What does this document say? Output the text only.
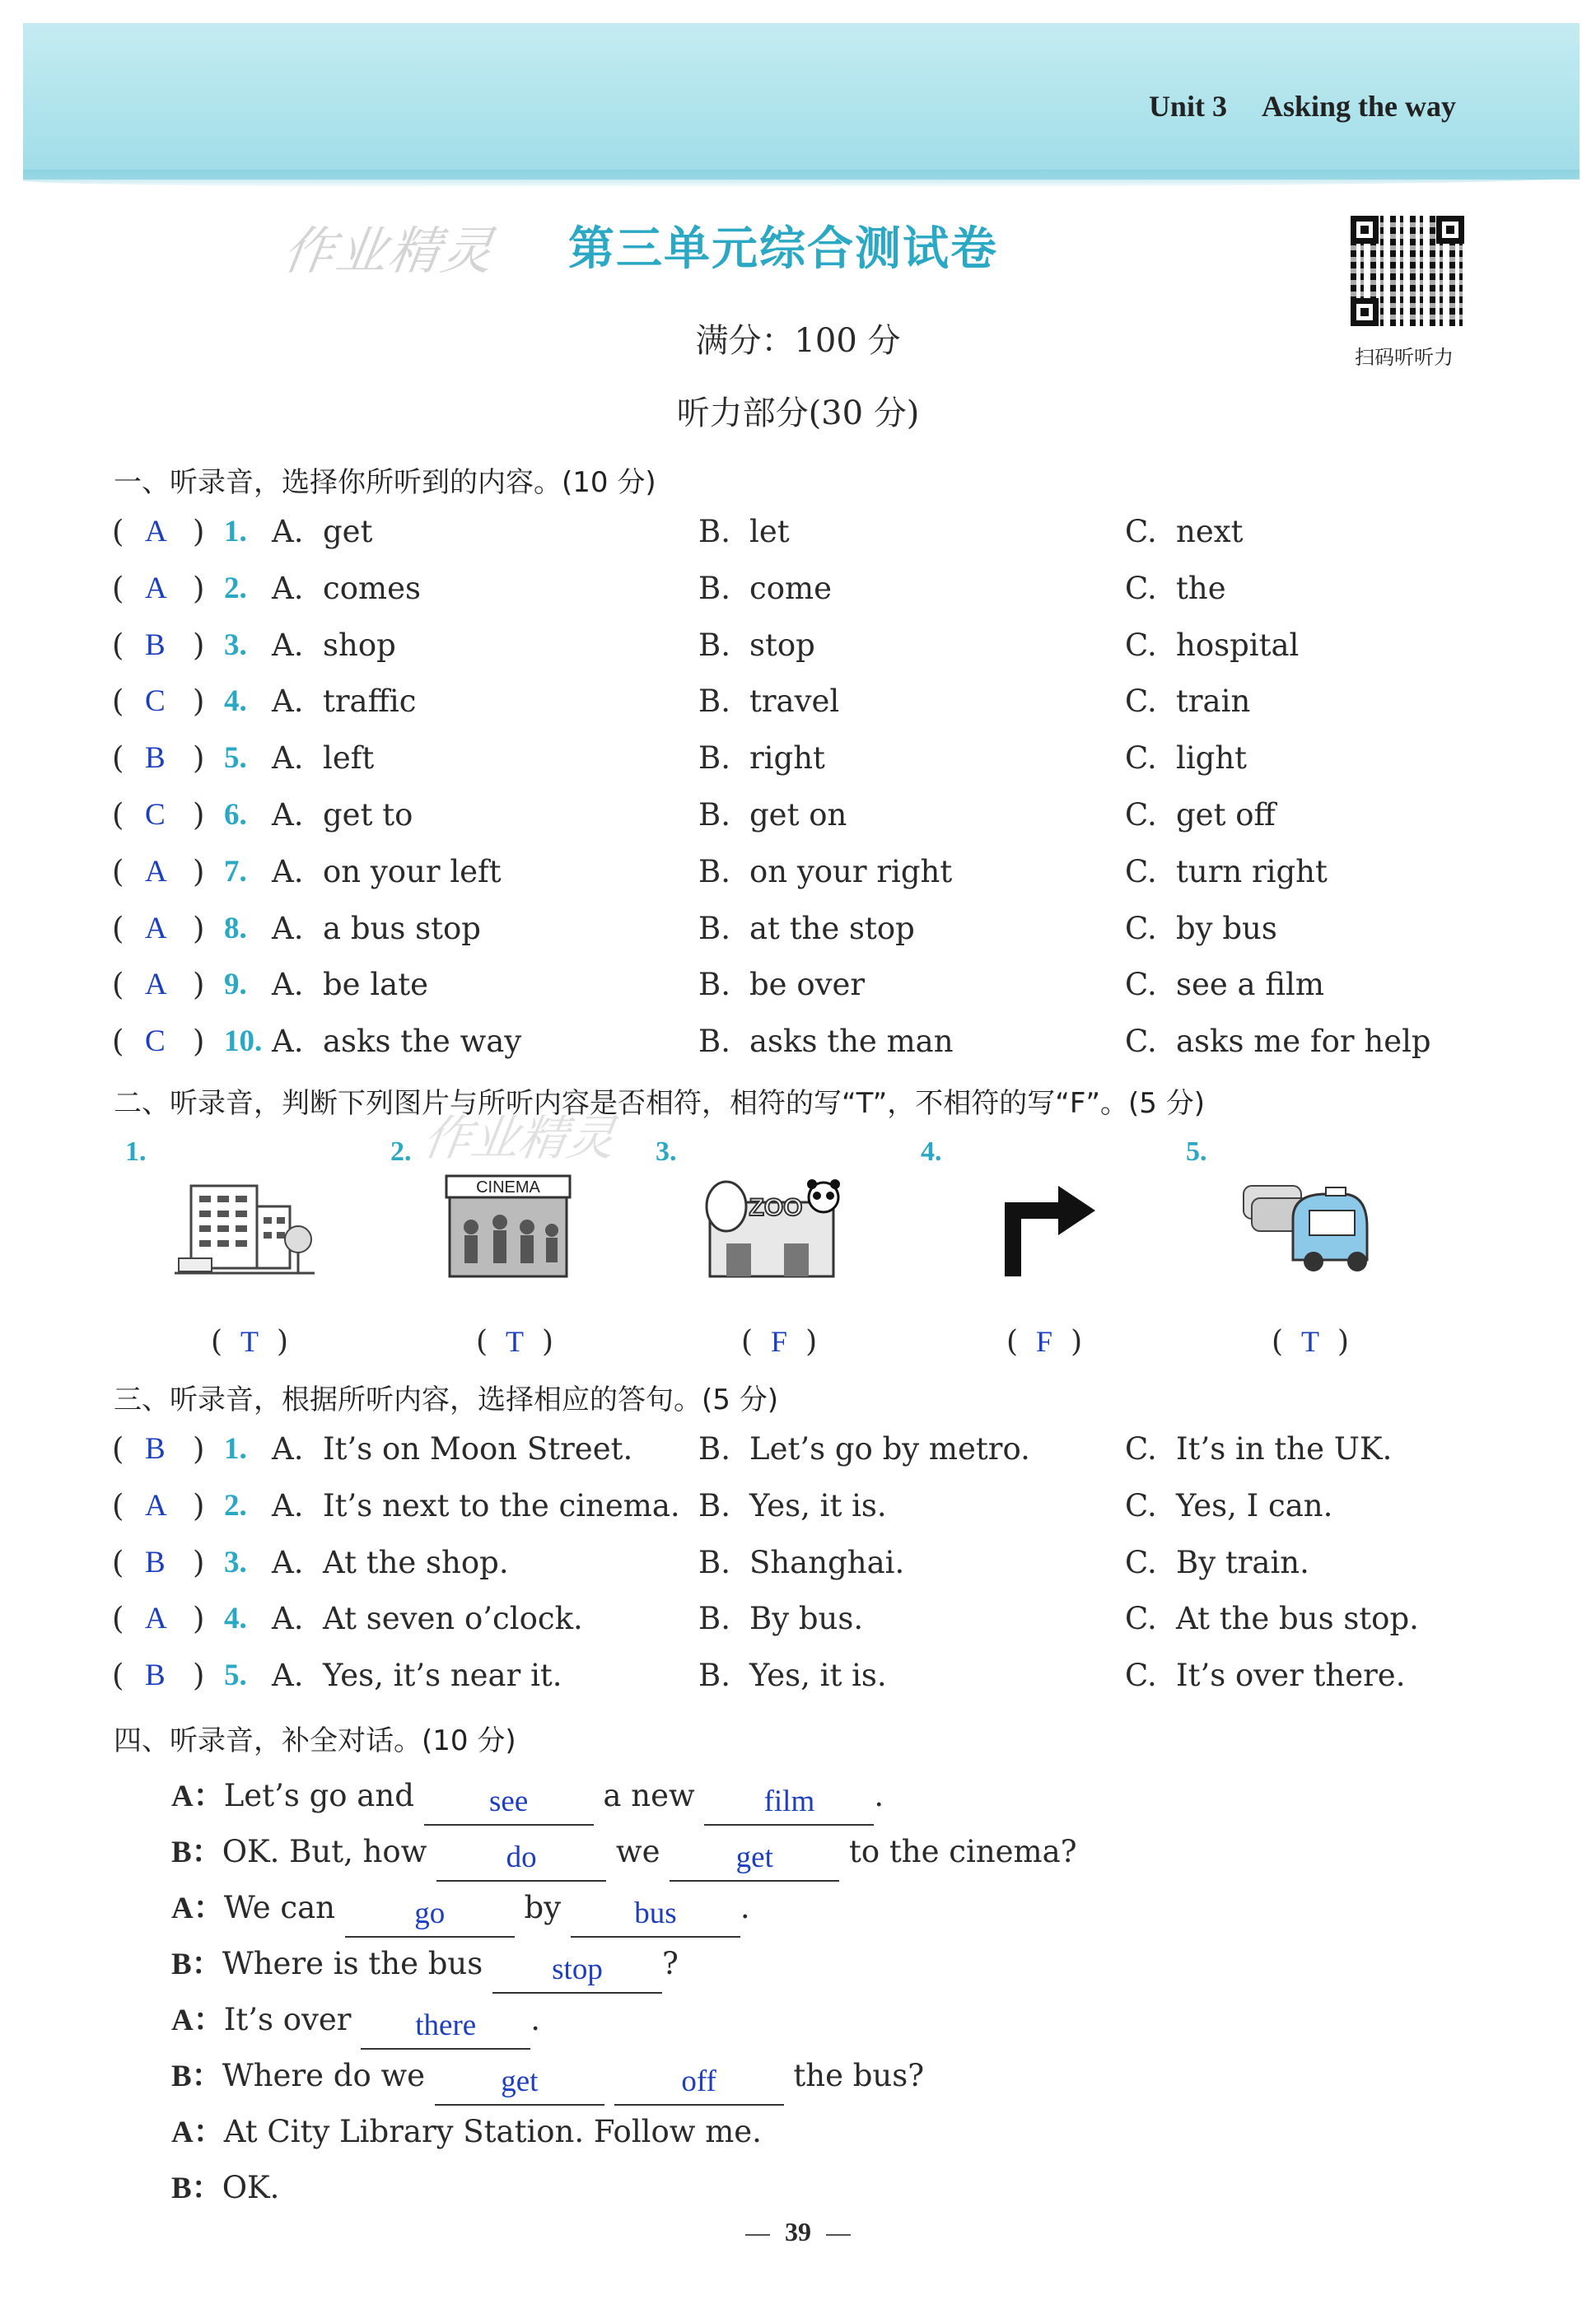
Unit 3 Asking the way
作业精灵 第三单元综合测试卷
扫码听听力
满分：100 分
听力部分(30 分)
一、听录音，选择你所听到的内容。(10 分)
( A ) 1. A. get	B. let	C. next
( A ) 2. A. comes	B. come	C. the
( B ) 3. A. shop	B. stop	C. hospital
( C ) 4. A. traffic	B. travel	C. train
( B ) 5. A. left	B. right	C. light
( C ) 6. A. get to	B. get on	C. get off
( A ) 7. A. on your left	B. on your right	C. turn right
( A ) 8. A. a bus stop	B. at the stop	C. by bus
( A ) 9. A. be late	B. be over	C. see a film
( C ) 10. A. asks the way	B. asks the man	C. asks me for help
二、听录音，判断下列图片与所听内容是否相符，相符的写“T”，不相符的写“F”。(5 分)
作业精灵
1.	2.	3.	4.	5.
CINEMA
ZOO
( T )	( T )	( F )	( F )	( T )
三、听录音，根据所听内容，选择相应的答句。(5 分)
( B ) 1. A. It’s on Moon Street. B. Let’s go by metro.	C. It’s in the UK.
( A ) 2. A. It’s next to the cinema. B. Yes, it is.	C. Yes, I can.
( B ) 3. A. At the shop.	B. Shanghai.	C. By train.
( A ) 4. A. At seven o’clock.	B. By bus.	C. At the bus stop.
( B ) 5. A. Yes, it’s near it.	B. Yes, it is.	C. It’s over there.
四、听录音，补全对话。(10 分)
A：Let’s go and see a new film .
B：OK. But, how	do	we get to the cinema?
A：We can	go	by bus .
B：Where is the bus stop ?
A：It’s over there .
B：Where do we get	off	the bus?
A：At City Library Station. Follow me.
B：OK.
39
